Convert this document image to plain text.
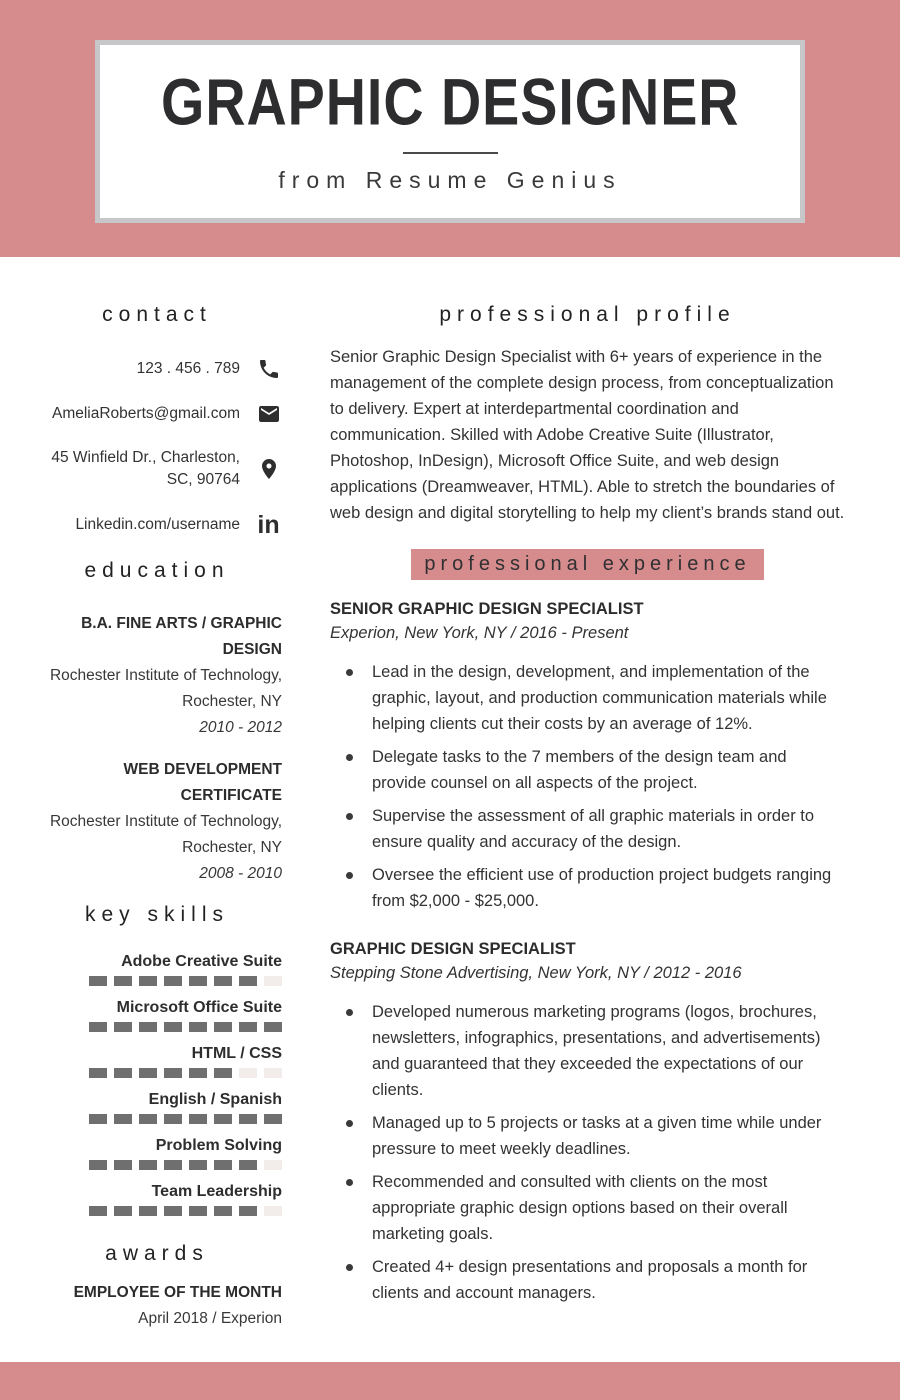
GRAPHIC DESIGNER
from Resume Genius
contact
123 . 456 . 789
AmeliaRoberts@gmail.com
45 Winfield Dr., Charleston, SC, 90764
Linkedin.com/username in
education
B.A. FINE ARTS / GRAPHIC DESIGN
Rochester Institute of Technology,
Rochester, NY
2010 - 2012
WEB DEVELOPMENT CERTIFICATE
Rochester Institute of Technology,
Rochester, NY
2008 - 2010
key skills
Adobe Creative Suite
Microsoft Office Suite
HTML / CSS
English / Spanish
Problem Solving
Team Leadership
awards
EMPLOYEE OF THE MONTH
April 2018 / Experion
professional profile

Senior Graphic Design Specialist with 6+ years of experience in the management of the complete design process, from conceptualization to delivery. Expert at interdepartmental coordination and communication. Skilled with Adobe Creative Suite (Illustrator, Photoshop, InDesign), Microsoft Office Suite, and web design applications (Dreamweaver, HTML). Able to stretch the boundaries of web design and digital storytelling to help my client’s brands stand out.

professional experience
SENIOR GRAPHIC DESIGN SPECIALIST
Experion, New York, NY / 2016 - Present
Lead in the design, development, and implementation of the graphic, layout, and production communication materials while helping clients cut their costs by an average of 12%.
Delegate tasks to the 7 members of the design team and provide counsel on all aspects of the project.
Supervise the assessment of all graphic materials in order to ensure quality and accuracy of the design.
Oversee the efficient use of production project budgets ranging from $2,000 - $25,000.
GRAPHIC DESIGN SPECIALIST
Stepping Stone Advertising, New York, NY / 2012 - 2016
Developed numerous marketing programs (logos, brochures, newsletters, infographics, presentations, and advertisements) and guaranteed that they exceeded the expectations of our clients.
Managed up to 5 projects or tasks at a given time while under pressure to meet weekly deadlines.
Recommended and consulted with clients on the most appropriate graphic design options based on their overall marketing goals.
Created 4+ design presentations and proposals a month for clients and account managers.
